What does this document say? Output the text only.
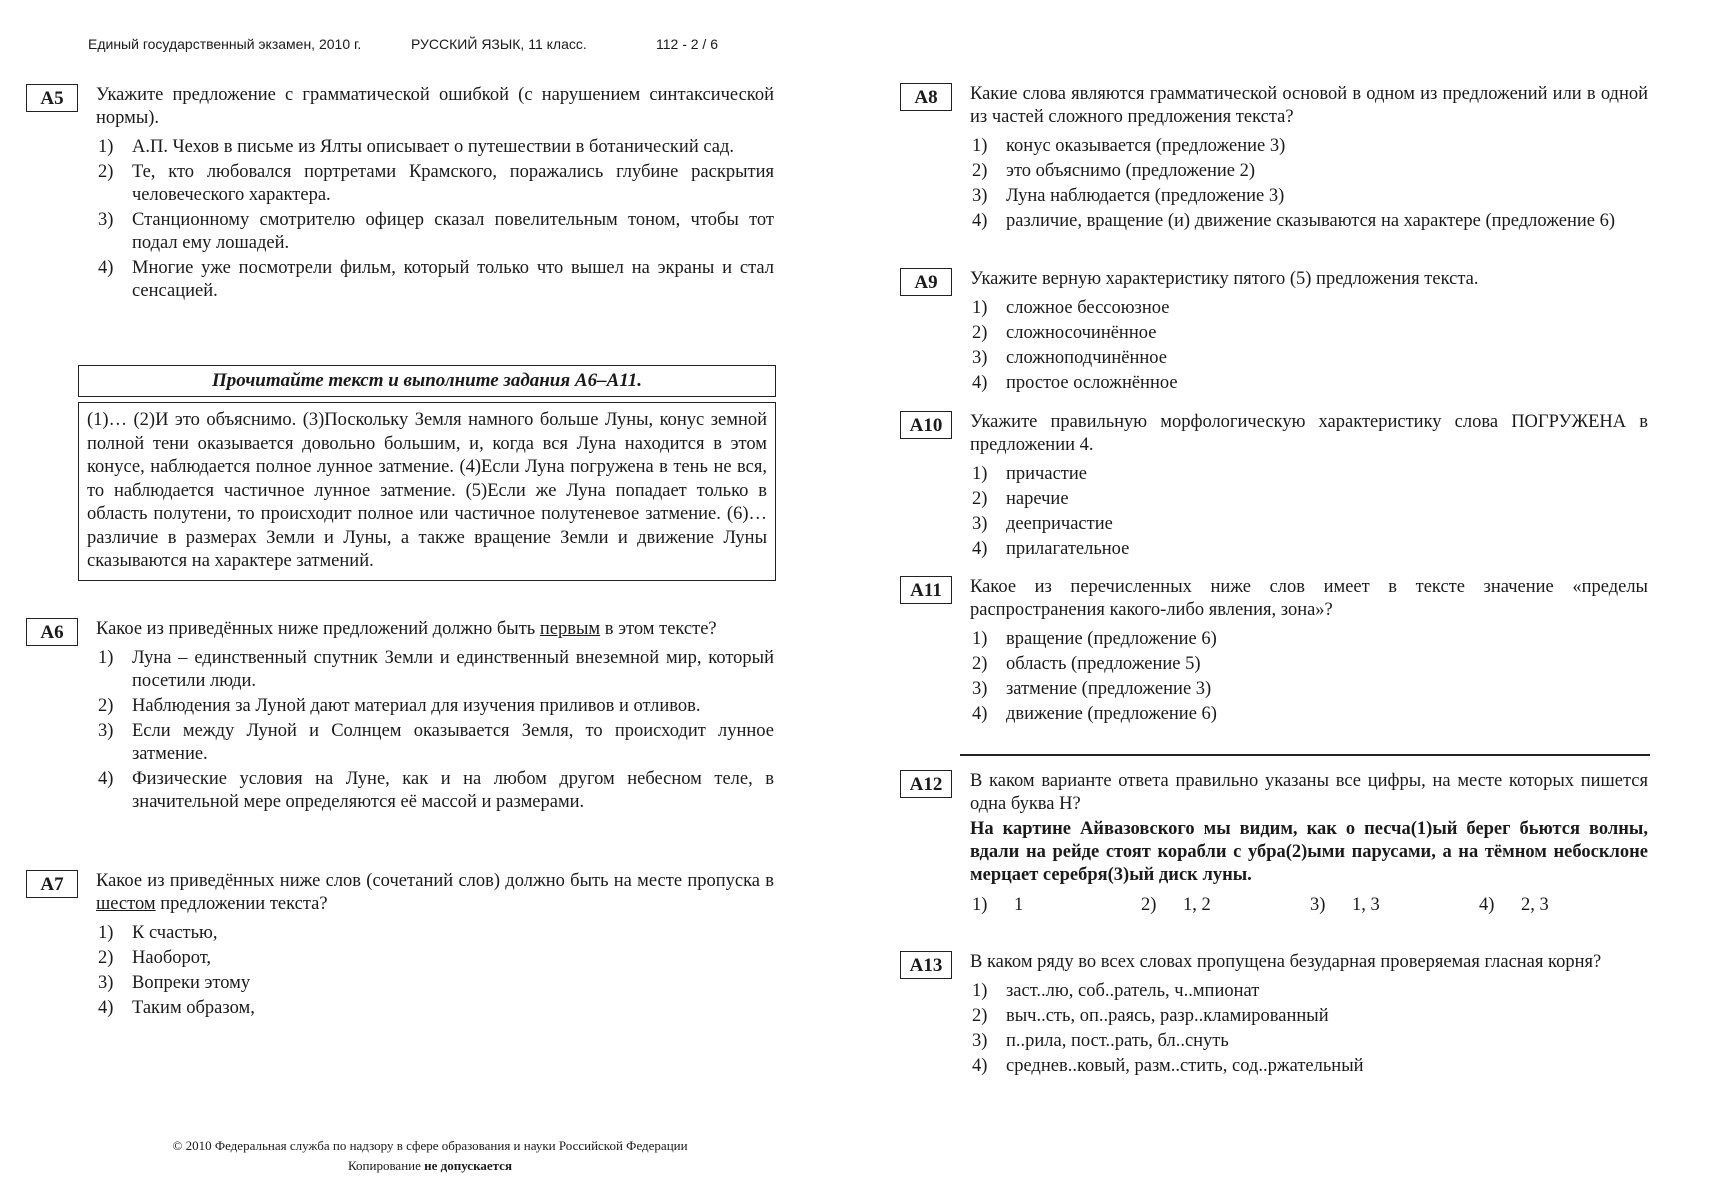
Единый государственный экзамен, 2010 г.	РУССКИЙ ЯЗЫК, 11 класс.	112 - 2 / 6
А5	Укажите предложение с грамматической ошибкой (с нарушением синтаксической нормы).
1)	А.П. Чехов в письме из Ялты описывает о путешествии в ботанический сад.
2)	Те, кто любовался портретами Крамского, поражались глубине раскрытия человеческого характера.
3)	Станционному смотрителю офицер сказал повелительным тоном, чтобы тот подал ему лошадей.
4)	Многие уже посмотрели фильм, который только что вышел на экраны и стал сенсацией.
Прочитайте текст и выполните задания А6–А11.
(1)… (2)И это объяснимо. (3)Поскольку Земля намного больше Луны, конус земной полной тени оказывается довольно большим, и, когда вся Луна находится в этом конусе, наблюдается полное лунное затмение. (4)Если Луна погружена в тень не вся, то наблюдается частичное лунное затмение. (5)Если же Луна попадает только в область полутени, то происходит полное или частичное полутеневое затмение. (6)… различие в размерах Земли и Луны, а также вращение Земли и движение Луны сказываются на характере затмений.
А6	Какое из приведённых ниже предложений должно быть первым в этом тексте?
1)	Луна – единственный спутник Земли и единственный внеземной мир, который посетили люди.
2)	Наблюдения за Луной дают материал для изучения приливов и отливов.
3)	Если между Луной и Солнцем оказывается Земля, то происходит лунное затмение.
4)	Физические условия на Луне, как и на любом другом небесном теле, в значительной мере определяются её массой и размерами.
А7	Какое из приведённых ниже слов (сочетаний слов) должно быть на месте пропуска в шестом предложении текста?
1)	К счастью,
2)	Наоборот,
3)	Вопреки этому
4)	Таким образом,
А8	Какие слова являются грамматической основой в одном из предложений или в одной из частей сложного предложения текста?
1)	конус оказывается (предложение 3)
2)	это объяснимо (предложение 2)
3)	Луна наблюдается (предложение 3)
4)	различие, вращение (и) движение сказываются на характере (предложение 6)
А9	Укажите верную характеристику пятого (5) предложения текста.
1)	сложное бессоюзное
2)	сложносочинённое
3)	сложноподчинённое
4)	простое осложнённое
А10	Укажите правильную морфологическую характеристику слова ПОГРУЖЕНА в предложении 4.
1)	причастие
2)	наречие
3)	деепричастие
4)	прилагательное
А11	Какое из перечисленных ниже слов имеет в тексте значение «пределы распространения какого-либо явления, зона»?
1)	вращение (предложение 6)
2)	область (предложение 5)
3)	затмение (предложение 3)
4)	движение (предложение 6)
А12	В каком варианте ответа правильно указаны все цифры, на месте которых пишется одна буква Н?
На картине Айвазовского мы видим, как о песча(1)ый берег бьются волны, вдали на рейде стоят корабли с убра(2)ыми парусами, а на тёмном небосклоне мерцает серебря(3)ый диск луны.
1)	1	2)	1, 2	3)	1, 3	4)	2, 3
А13	В каком ряду во всех словах пропущена безударная проверяемая гласная корня?
1)	заст..лю, соб..ратель, ч..мпионат
2)	выч..сть, оп..раясь, разр..кламированный
3)	п..рила, пост..рать, бл..снуть
4)	среднев..ковый, разм..стить, сод..ржательный
© 2010 Федеральная служба по надзору в сфере образования и науки Российской Федерации
Копирование не допускается
